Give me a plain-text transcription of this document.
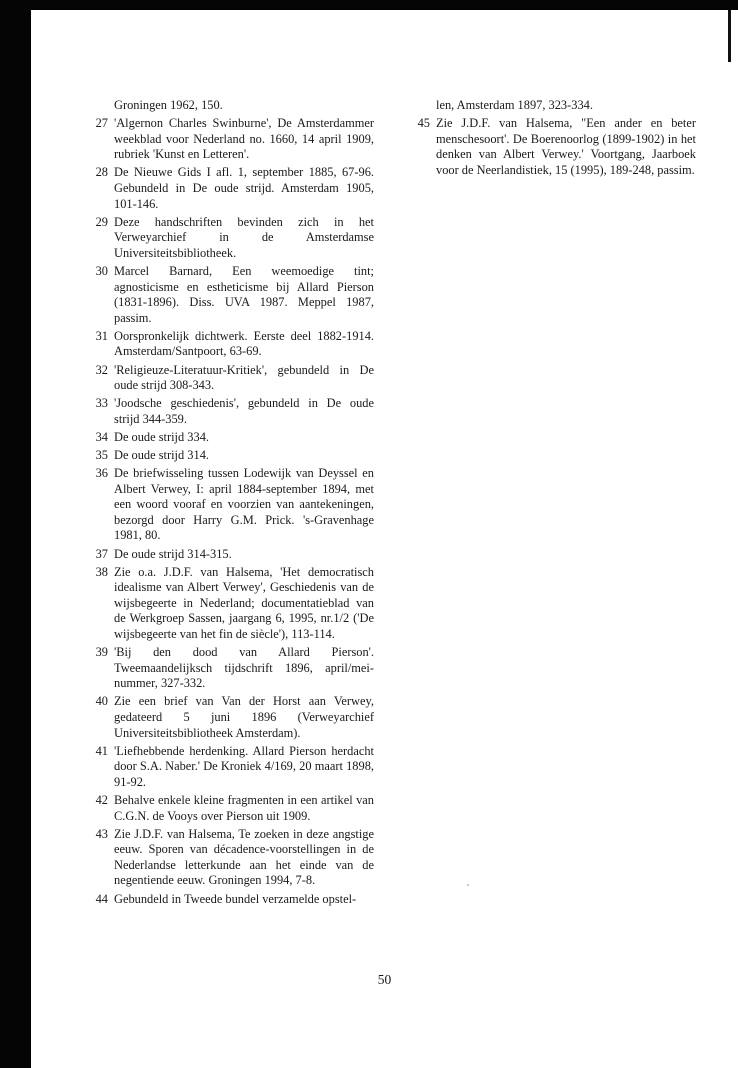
Groningen 1962, 150.
27 'Algernon Charles Swinburne', De Amsterdammer weekblad voor Nederland no. 1660, 14 april 1909, rubriek 'Kunst en Letteren'.
28 De Nieuwe Gids I afl. 1, september 1885, 67-96. Gebundeld in De oude strijd. Amsterdam 1905, 101-146.
29 Deze handschriften bevinden zich in het Verweyarchief in de Amsterdamse Universiteitsbibliotheek.
30 Marcel Barnard, Een weemoedige tint; agnosticisme en estheticisme bij Allard Pierson (1831-1896). Diss. UVA 1987. Meppel 1987, passim.
31 Oorspronkelijk dichtwerk. Eerste deel 1882-1914. Amsterdam/Santpoort, 63-69.
32 'Religieuze-Literatuur-Kritiek', gebundeld in De oude strijd 308-343.
33 'Joodsche geschiedenis', gebundeld in De oude strijd 344-359.
34 De oude strijd 334.
35 De oude strijd 314.
36 De briefwisseling tussen Lodewijk van Deyssel en Albert Verwey, I: april 1884-september 1894, met een woord vooraf en voorzien van aantekeningen, bezorgd door Harry G.M. Prick. 's-Gravenhage 1981, 80.
37 De oude strijd 314-315.
38 Zie o.a. J.D.F. van Halsema, 'Het democratisch idealisme van Albert Verwey', Geschiedenis van de wijsbegeerte in Nederland; documentatieblad van de Werkgroep Sassen, jaargang 6, 1995, nr.1/2 ('De wijsbegeerte van het fin de siècle'), 113-114.
39 'Bij den dood van Allard Pierson'. Tweemaandelijksch tijdschrift 1896, april/mei-nummer, 327-332.
40 Zie een brief van Van der Horst aan Verwey, gedateerd 5 juni 1896 (Verweyarchief Universiteitsbibliotheek Amsterdam).
41 'Liefhebbende herdenking. Allard Pierson herdacht door S.A. Naber.' De Kroniek 4/169, 20 maart 1898, 91-92.
42 Behalve enkele kleine fragmenten in een artikel van C.G.N. de Vooys over Pierson uit 1909.
43 Zie J.D.F. van Halsema, Te zoeken in deze angstige eeuw. Sporen van décadence-voorstellingen in de Nederlandse letterkunde aan het einde van de negentiende eeuw. Groningen 1994, 7-8.
44 Gebundeld in Tweede bundel verzamelde opstel-
len, Amsterdam 1897, 323-334.
45 Zie J.D.F. van Halsema, "Een ander en beter menschesoort'. De Boerenoorlog (1899-1902) in het denken van Albert Verwey.' Voortgang, Jaarboek voor de Neerlandistiek, 15 (1995), 189-248, passim.
50
